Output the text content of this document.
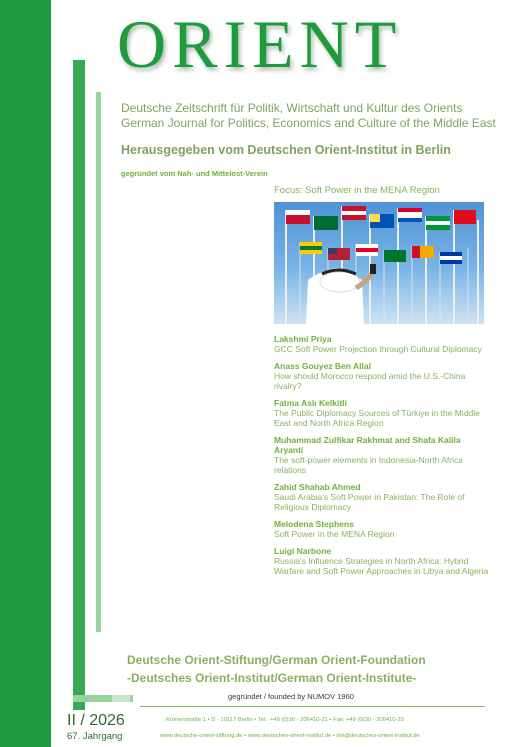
ORIENT
Deutsche Zeitschrift für Politik, Wirtschaft und Kultur des Orients
German Journal for Politics, Economics and Culture of the Middle East
Herausgegeben vom Deutschen Orient-Institut in Berlin
gegründet vom Nah- und Mittelost-Verein
Focus: Soft Power in the MENA Region
Lakshmi Priya
GCC Soft Power Projection through Cultural Diplomacy
Anass Gouyez Ben Allal
How should Morocco respond amid the U.S.-China rivalry?
Fatma Aslı Kelkitli
The Public Diplomacy Sources of Türkiye in the Middle East and North Africa Region
Muhammad Zulfikar Rakhmat and Shafa Kalila Aryanti
The soft-power elements in Indonesia-North Africa relations
Zahid Shahab Ahmed
Saudi Arabia's Soft Power in Pakistan: The Role of Religious Diplomacy
Melodena Stephens
Soft Power in the MENA Region
Luigi Narbone
Russia's Influence Strategies in North Africa: Hybrid Warfare and Soft Power Approaches in Libya and Algeria
Deutsche Orient-Stiftung/German Orient-Foundation
-Deutsches Orient-Institut/German Orient-Institute-
gegründet / founded by NUMOV 1960
II / 2026
67. Jahrgang
Kronenstraße 1 • D - 10117 Berlin • Tel.: +49 (0)30 - 206410-21 • Fax: +49 (0)30 - 206410-29
www.deutsche-orient-stiftung.de • www.deutsches-orient-institut.de • doi@deutsches-orient-institut.de
